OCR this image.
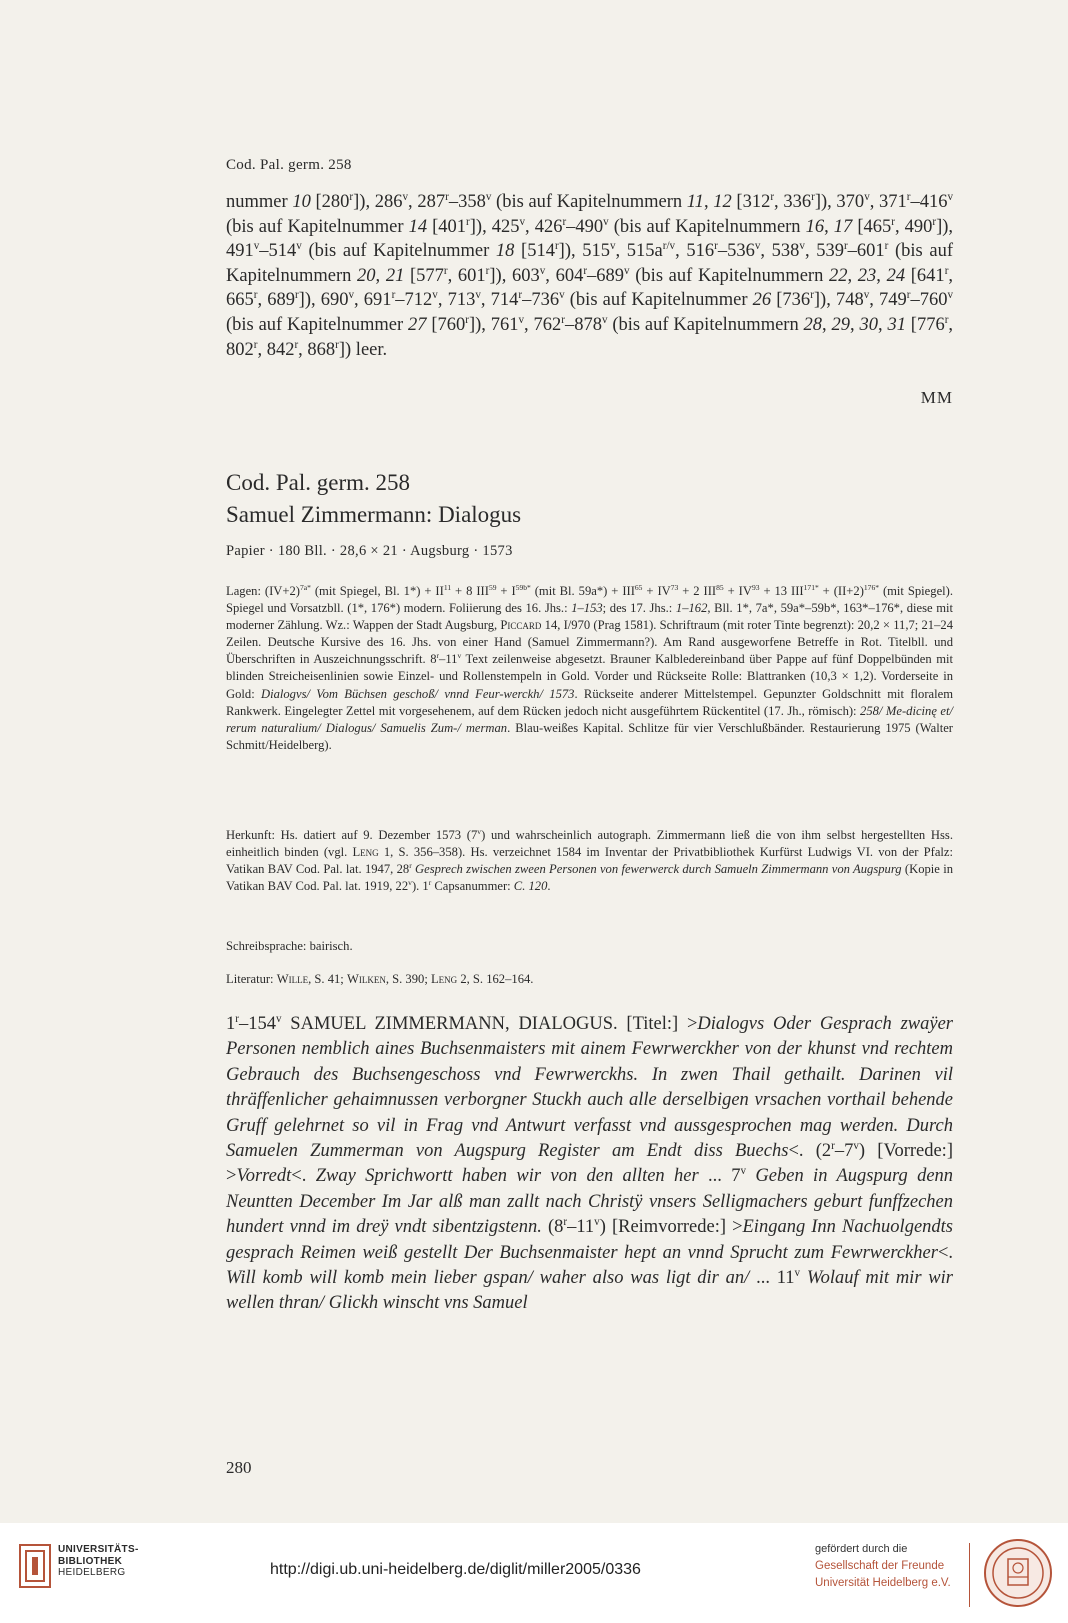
Cod. Pal. germ. 258
nummer 10 [280$^r$]), 286$^v$, 287$^r$–358$^v$ (bis auf Kapitelnummern 11, 12 [312$^r$, 336$^r$]), 370$^v$, 371$^r$–416$^v$ (bis auf Kapitelnummer 14 [401$^r$]), 425$^v$, 426$^r$–490$^v$ (bis auf Kapitelnummern 16, 17 [465$^r$, 490$^r$]), 491$^v$–514$^v$ (bis auf Kapitelnummer 18 [514$^r$]), 515$^v$, $515a^{r/v}$, 516$^r$–536$^v$, 538$^v$, 539$^r$–601$^r$ (bis auf Kapitelnummern 20, 21 [577$^r$, 601$^r$]), 603$^v$, 604$^r$–689$^v$ (bis auf Kapitelnummern 22, 23, 24 [641$^r$, 665$^r$, 689$^r$]), 690$^v$, 691$^r$–712$^v$, 713$^v$, 714$^r$–736$^v$ (bis auf Kapitelnummer 26 [736$^r$]), 748$^v$, 749$^r$–760$^v$ (bis auf Kapitelnummer 27 [760$^r$]), 761$^v$, 762$^r$–878$^v$ (bis auf Kapitelnummern 28, 29, 30, 31 [776$^r$, 802$^r$, 842$^r$, 868$^r$]) leer.
MM
Cod. Pal. germ. 258
Samuel Zimmermann: Dialogus
Papier · 180 Bll. · 28,6 × 21 · Augsburg · 1573
Lagen: $(IV+2)^{7a*}$ (mit Spiegel, Bl. $1*) + II^{11} + 8$ $III^{59} + I^{59b*}$ (mit Bl. $59a*) + III^{65} + IV^{73} + 2$ $III^{85} + IV^{93} + 13$ $III^{171*} + (II+2)^{176*}$ (mit Spiegel). Spiegel und Vorsatzbll. (1*, 176*) modern. Foliierung des 16. Jhs.: 1–153; des 17. Jhs.: 1–162, Bll. 1*, 7a*, 59a*–59b*, 163*–176*, diese mit moderner Zählung. Wz.: Wappen der Stadt Augsburg, Piccard 14, I/970 (Prag 1581). Schriftraum (mit roter Tinte begrenzt): 20,2 × 11,7; 21–24 Zeilen. Deutsche Kursive des 16. Jhs. von einer Hand (Samuel Zimmermann?). Am Rand ausgeworfene Betreffe in Rot. Titelbll. und Überschriften in Auszeichnungsschrift. 8$^r$–11$^v$ Text zeilenweise abgesetzt. Brauner Kalbledereinband über Pappe auf fünf Doppelbünden mit blinden Streicheisenlinien sowie Einzel- und Rollenstempeln in Gold. Vorder und Rückseite Rolle: Blattranken (10,3 × 1,2). Vorderseite in Gold: Dialogvs/ Vom Büchsen geschoß/ vnnd Feur-werckh/ 1573. Rückseite anderer Mittelstempel. Gepunzter Goldschnitt mit floralem Rankwerk. Eingelegter Zettel mit vorgesehenem, auf dem Rücken jedoch nicht ausgeführtem Rückentitel (17. Jh., römisch): 258/ Me-dicinę et/ rerum naturalium/ Dialogus/ Samuelis Zum-/ merman. Blau-weißes Kapital. Schlitze für vier Verschlußbänder. Restaurierung 1975 (Walter Schmitt/Heidelberg).
Herkunft: Hs. datiert auf 9. Dezember 1573 (7$^v$) und wahrscheinlich autograph. Zimmermann ließ die von ihm selbst hergestellten Hss. einheitlich binden (vgl. Leng 1, S. 356–358). Hs. verzeichnet 1584 im Inventar der Privatbibliothek Kurfürst Ludwigs VI. von der Pfalz: Vatikan BAV Cod. Pal. lat. 1947, 28$^r$ Gesprech zwischen zween Personen von fewerwerck durch Samueln Zimmermann von Augspurg (Kopie in Vatikan BAV Cod. Pal. lat. 1919, 22$^v$). 1$^r$ Capsanummer: C. 120.
Schreibsprache: bairisch.
Literatur: Wille, S. 41; Wilken, S. 390; Leng 2, S. 162–164.
1$^r$–154$^v$ SAMUEL ZIMMERMANN, DIALOGUS. [Titel:] >Dialogvs Oder Gesprach zwaÿer Personen nemblich aines Buchsenmaisters mit ainem Fewrwerckher von der khunst vnd rechtem Gebrauch des Buchsengeschoss vnd Fewrwerckhs. In zwen Thail gethailt. Darinen vil thräffenlicher gehaimnussen verborgner Stuckh auch alle derselbigen vrsachen vorthail behende Gruff gelehrnet so vil in Frag vnd Antwurt verfasst vnd aussgesprochen mag werden. Durch Samuelen Zummerman von Augspurg Register am Endt diss Buechs<. (2$^r$–7$^v$) [Vorrede:] >Vorredt<. Zway Sprichwortt haben wir von den allten her ... 7$^v$ Geben in Augspurg denn Neuntten December Im Jar alß man zallt nach Christÿ vnsers Selligmachers geburt funffzechen hundert vnnd im dreÿ vndt sibentzigstenn. (8$^r$–11$^v$) [Reimvorrede:] >Eingang Inn Nachuolgendts gesprach Reimen weiß gestellt Der Buchsenmaister hept an vnnd Sprucht zum Fewrwerckher<. Will komb will komb mein lieber gspan/ waher also was ligt dir an/ ... 11$^v$ Wolauf mit mir wir wellen thran/ Glickh winscht vns Samuel
280
UNIVERSITÄTS-
BIBLIOTHEK
HEIDELBERG	http://digi.ub.uni-heidelberg.de/diglit/miller2005/0336
gefördert durch die
Gesellschaft der Freunde
Universität Heidelberg e.V.
